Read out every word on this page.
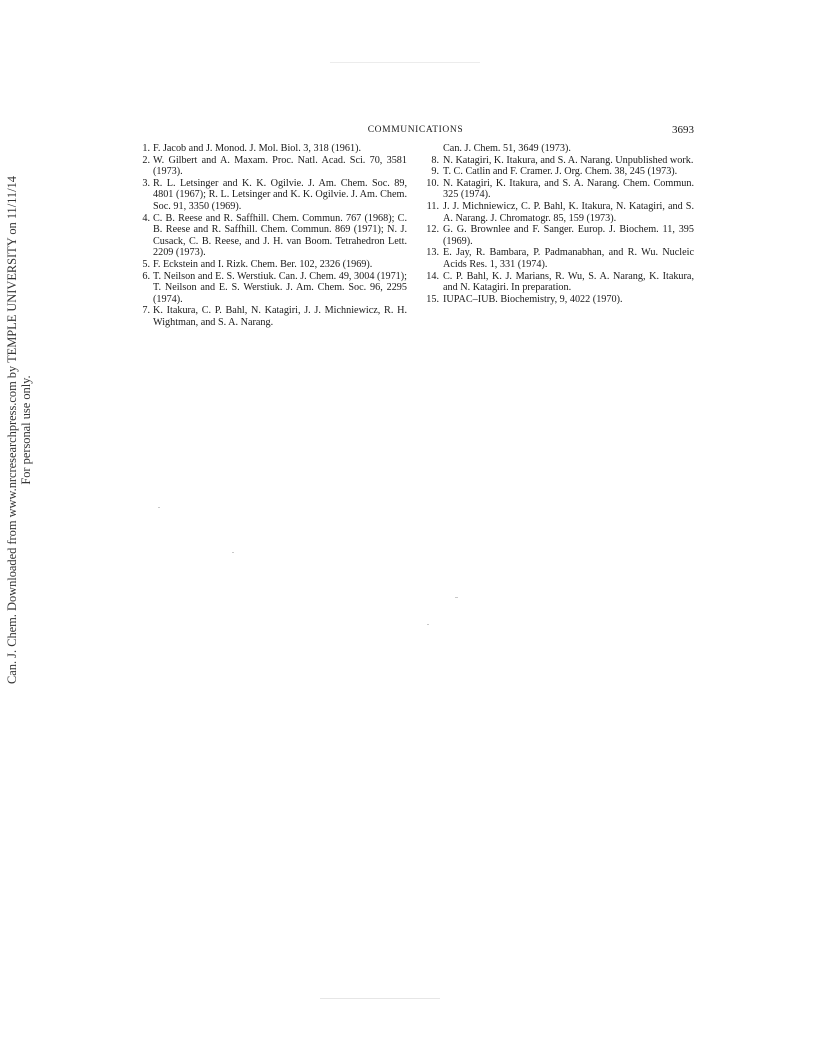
Can. J. Chem. Downloaded from www.nrcresearchpress.com by TEMPLE UNIVERSITY on 11/11/14 For personal use only.
COMMUNICATIONS	3693

1. F. Jacob and J. Monod. J. Mol. Biol. 3, 318 (1961).

2. W. Gilbert and A. Maxam. Proc. Natl. Acad. Sci. 70, 3581 (1973).

3. R. L. Letsinger and K. K. Ogilvie. J. Am. Chem. Soc. 89, 4801 (1967); R. L. Letsinger and K. K. Ogilvie. J. Am. Chem. Soc. 91, 3350 (1969).

4. C. B. Reese and R. Saffhill. Chem. Commun. 767 (1968); C. B. Reese and R. Saffhill. Chem. Commun. 869 (1971); N. J. Cusack, C. B. Reese, and J. H. van Boom. Tetrahedron Lett. 2209 (1973).

5. F. Eckstein and I. Rizk. Chem. Ber. 102, 2326 (1969).

6. T. Neilson and E. S. Werstiuk. Can. J. Chem. 49, 3004 (1971); T. Neilson and E. S. Werstiuk. J. Am. Chem. Soc. 96, 2295 (1974).

7. K. Itakura, C. P. Bahl, N. Katagiri, J. J. Michniewicz, R. H. Wightman, and S. A. Narang.

Can. J. Chem. 51, 3649 (1973).

8. N. Katagiri, K. Itakura, and S. A. Narang. Unpublished work.

9. T. C. Catlin and F. Cramer. J. Org. Chem. 38, 245 (1973).

10. N. Katagiri, K. Itakura, and S. A. Narang. Chem. Commun. 325 (1974).

11. J. J. Michniewicz, C. P. Bahl, K. Itakura, N. Katagiri, and S. A. Narang. J. Chromatogr. 85, 159 (1973).

12. G. G. Brownlee and F. Sanger. Europ. J. Biochem. 11, 395 (1969).

13. E. Jay, R. Bambara, P. Padmanabhan, and R. Wu. Nucleic Acids Res. 1, 331 (1974).

14. C. P. Bahl, K. J. Marians, R. Wu, S. A. Narang, K. Itakura, and N. Katagiri. In preparation.

15. IUPAC–IUB. Biochemistry, 9, 4022 (1970).
